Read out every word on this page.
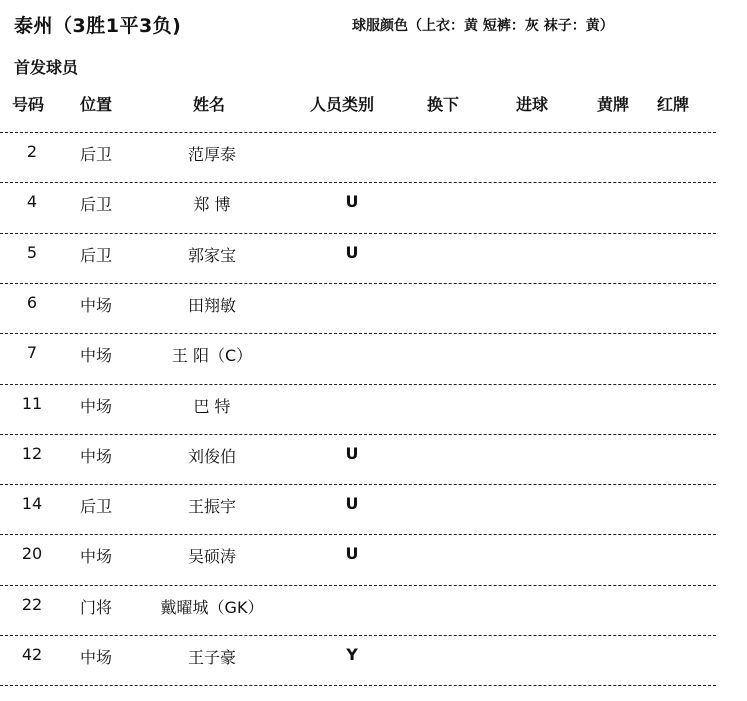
泰州（3胜1平3负)	球服颜色（上衣：黄 短裤：灰 袜子：黄）
首发球员
号码 位置	姓名	人员类别	换下	进球	黄牌 红牌
2	后卫	范厚泰
4	后卫	郑 博	U
5	后卫	郭家宝	U
6	中场	田翔敏
7	中场	王 阳（C）
11	中场	巴 特
12	中场	刘俊伯	U
14	后卫	王振宇	U
20	中场	吴硕涛	U
22	门将	戴曜城（GK）
42	中场	王子豪	Y
